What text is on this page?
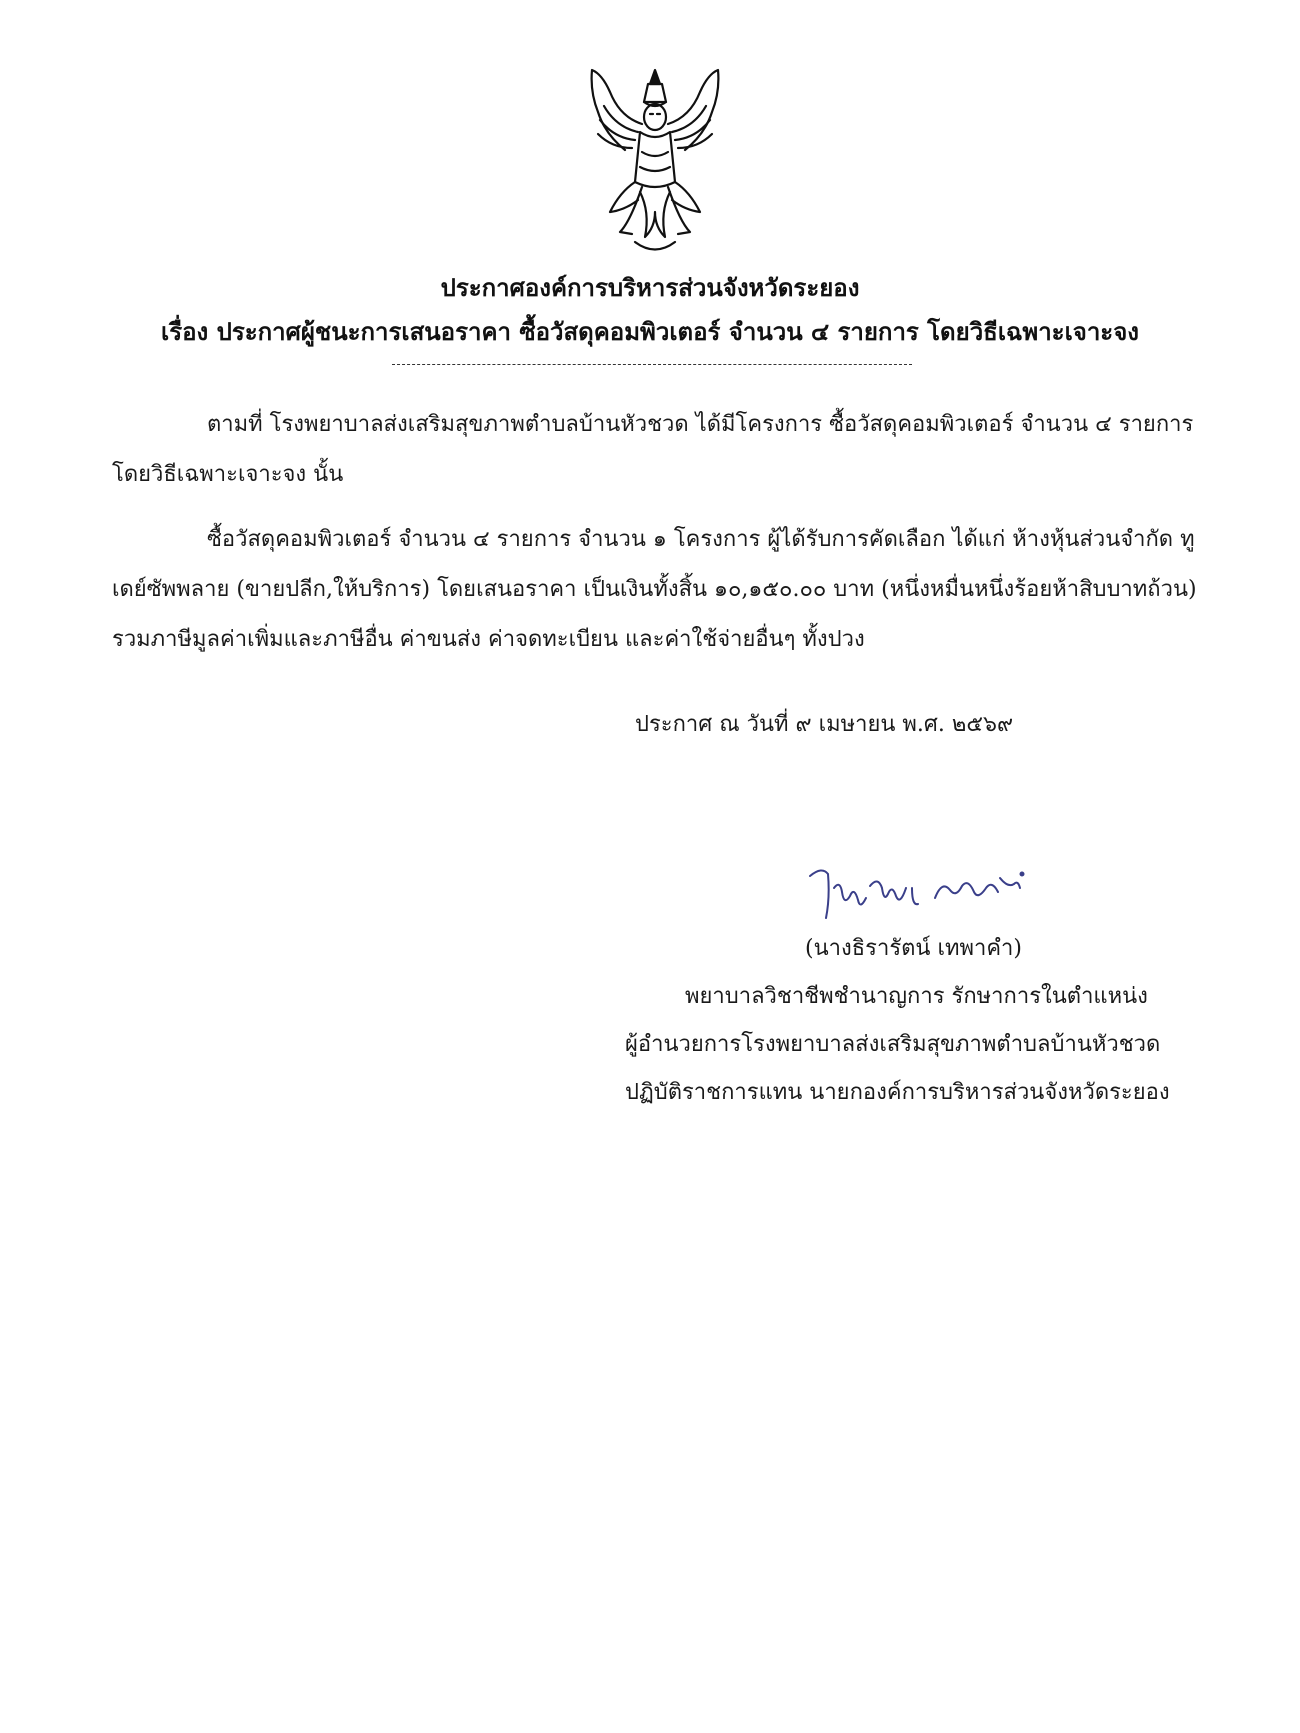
ประกาศองค์การบริหารส่วนจังหวัดระยอง
เรื่อง ประกาศผู้ชนะการเสนอราคา ซื้อวัสดุคอมพิวเตอร์ จำนวน ๔ รายการ โดยวิธีเฉพาะเจาะจง
ตามที่ โรงพยาบาลส่งเสริมสุขภาพตำบลบ้านหัวชวด ได้มีโครงการ ซื้อวัสดุคอมพิวเตอร์ จำนวน ๔ รายการ โดยวิธีเฉพาะเจาะจง นั้น
ซื้อวัสดุคอมพิวเตอร์ จำนวน ๔ รายการ จำนวน ๑ โครงการ ผู้ได้รับการคัดเลือก ได้แก่ ห้างหุ้นส่วนจำกัด ทูเดย์ซัพพลาย (ขายปลีก,ให้บริการ) โดยเสนอราคา เป็นเงินทั้งสิ้น ๑๐,๑๕๐.๐๐ บาท (หนึ่งหมื่นหนึ่งร้อยห้าสิบบาทถ้วน) รวมภาษีมูลค่าเพิ่มและภาษีอื่น ค่าขนส่ง ค่าจดทะเบียน และค่าใช้จ่ายอื่นๆ ทั้งปวง
ประกาศ ณ วันที่ ๙ เมษายน พ.ศ. ๒๕๖๙
(นางธิรารัตน์ เทพาคำ)
พยาบาลวิชาชีพชำนาญการ รักษาการในตำแหน่ง
ผู้อำนวยการโรงพยาบาลส่งเสริมสุขภาพตำบลบ้านหัวชวด
ปฏิบัติราชการแทน นายกองค์การบริหารส่วนจังหวัดระยอง
